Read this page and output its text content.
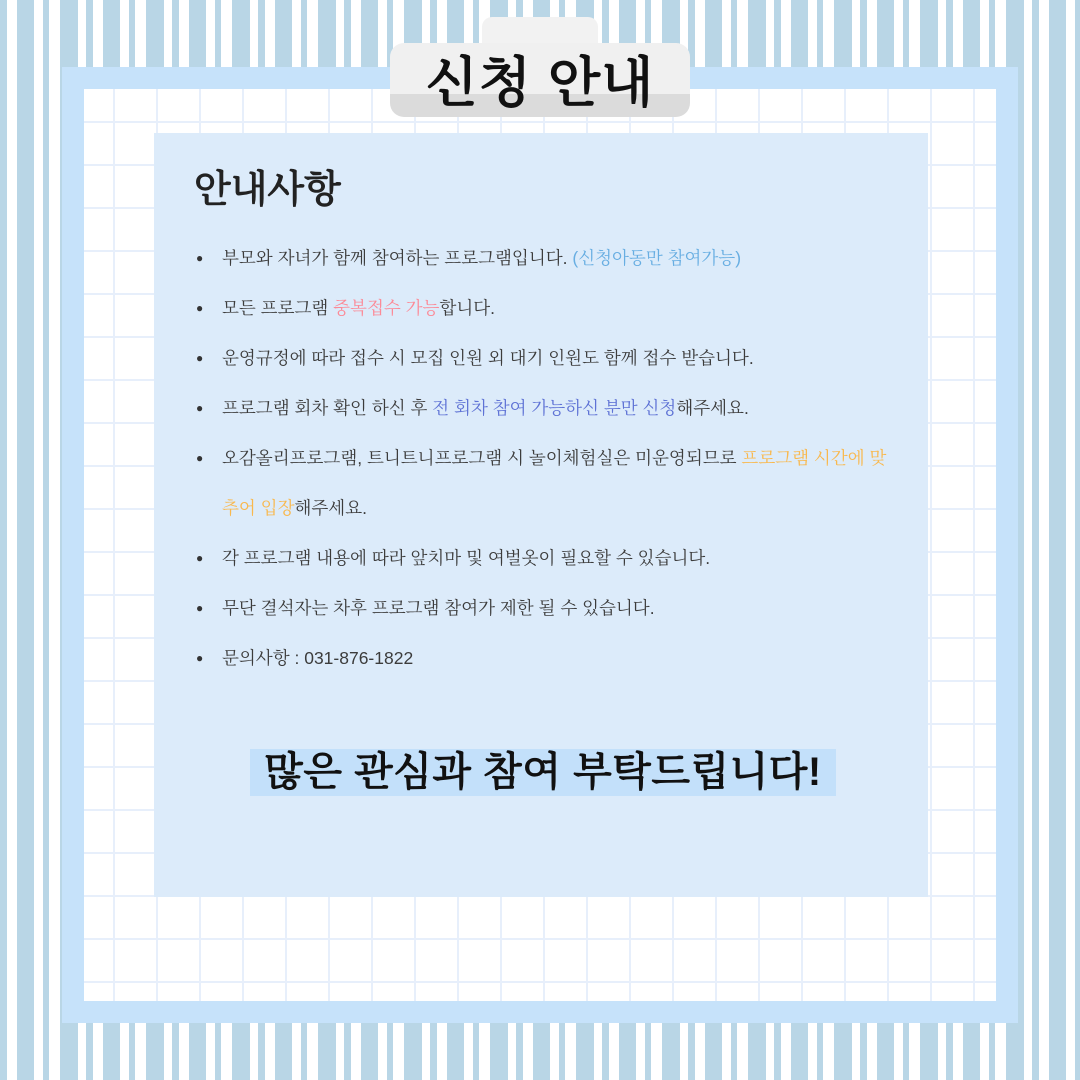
신청 안내
안내사항
● 부모와 자녀가 함께 참여하는 프로그램입니다. (신청아동만 참여가능)
● 모든 프로그램 중복접수 가능합니다.
● 운영규정에 따라 접수 시 모집 인원 외 대기 인원도 함께 접수 받습니다.
● 프로그램 회차 확인 하신 후 전 회차 참여 가능하신 분만 신청해주세요.
● 오감올리프로그램, 트니트니프로그램 시 놀이체험실은 미운영되므로 프로그램 시간에 맞추어 입장해주세요.
● 각 프로그램 내용에 따라 앞치마 및 여벌옷이 필요할 수 있습니다.
● 무단 결석자는 차후 프로그램 참여가 제한 될 수 있습니다.
● 문의사항 : 031-876-1822
많은 관심과 참여 부탁드립니다!
